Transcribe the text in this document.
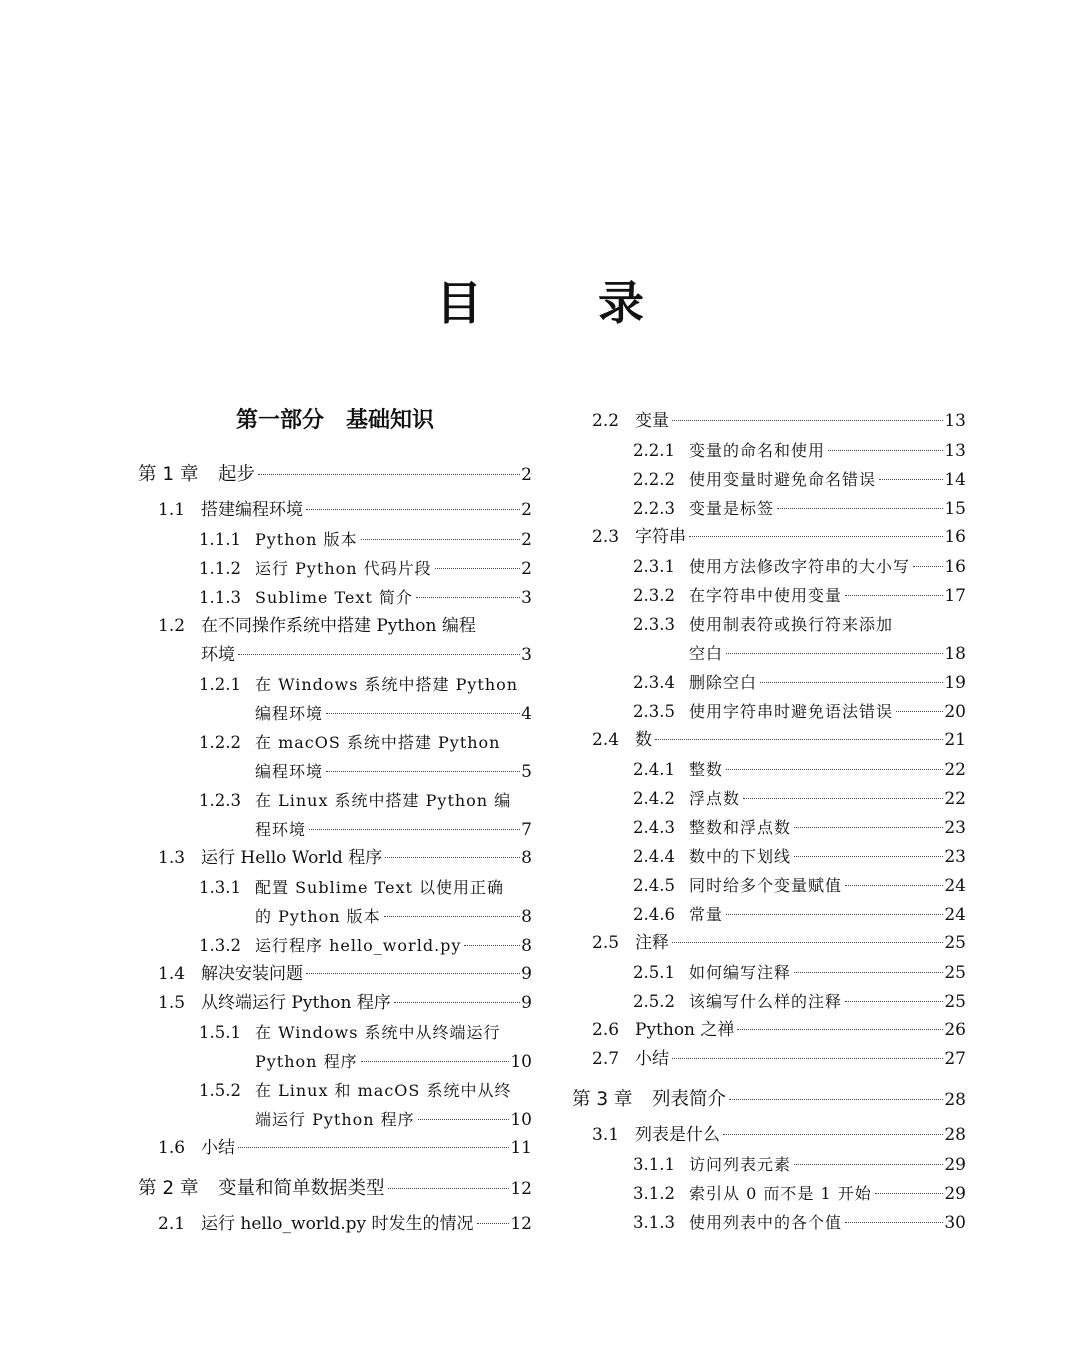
目	录
第一部分　基础知识
第 1 章	起步	2
1.1 搭建编程环境	2
1.1.1 Python 版本	2
1.1.2 运行 Python 代码片段	2
1.1.3 Sublime Text 简介	3
1.2 在不同操作系统中搭建 Python 编程
环境	3
1.2.1 在 Windows 系统中搭建 Python
编程环境	4
1.2.2 在 macOS 系统中搭建 Python
编程环境	5
1.2.3 在 Linux 系统中搭建 Python 编
程环境	7
1.3 运行 Hello World 程序	8
1.3.1 配置 Sublime Text 以使用正确
的 Python 版本	8
1.3.2 运行程序 hello_world.py	8
1.4 解决安装问题	9
1.5 从终端运行 Python 程序	9
1.5.1 在 Windows 系统中从终端运行
Python 程序	10
1.5.2 在 Linux 和 macOS 系统中从终
端运行 Python 程序	10
1.6 小结	11
第 2 章	变量和简单数据类型	12
2.1 运行 hello_world.py 时发生的情况 12
2.2 变量	13
2.2.1 变量的命名和使用	13
2.2.2 使用变量时避免命名错误	14
2.2.3 变量是标签	15
2.3 字符串	16
2.3.1 使用方法修改字符串的大小写 16
2.3.2 在字符串中使用变量	17
2.3.3 使用制表符或换行符来添加
空白	18
2.3.4 删除空白	19
2.3.5 使用字符串时避免语法错误	20
2.4 数	21
2.4.1 整数	22
2.4.2 浮点数	22
2.4.3 整数和浮点数	23
2.4.4 数中的下划线	23
2.4.5 同时给多个变量赋值	24
2.4.6 常量	24
2.5 注释	25
2.5.1 如何编写注释	25
2.5.2 该编写什么样的注释	25
2.6 Python 之禅	26
2.7 小结	27
第 3 章	列表简介	28
3.1 列表是什么	28
3.1.1 访问列表元素	29
3.1.2 索引从 0 而不是 1 开始	29
3.1.3 使用列表中的各个值	30
